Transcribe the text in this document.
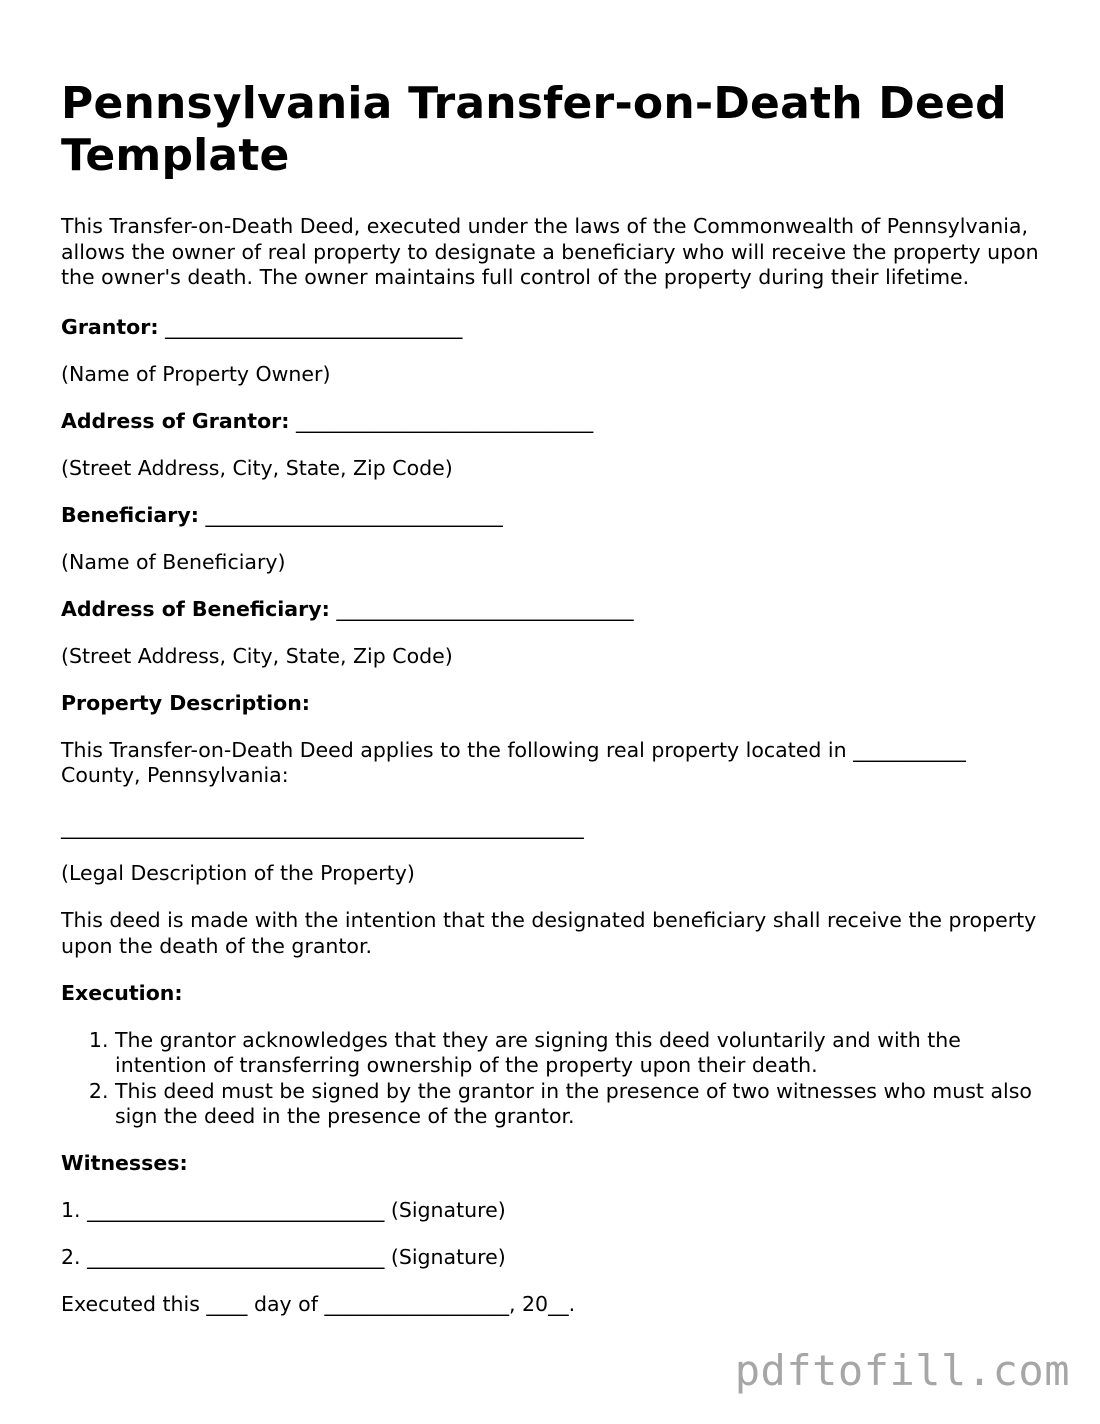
Pennsylvania Transfer-on-Death Deed Template

This Transfer-on-Death Deed, executed under the laws of the Commonwealth of Pennsylvania, allows the owner of real property to designate a beneficiary who will receive the property upon the owner's death. The owner maintains full control of the property during their lifetime.

Grantor: _____________________________

(Name of Property Owner)

Address of Grantor: _____________________________

(Street Address, City, State, Zip Code)

Beneficiary: _____________________________

(Name of Beneficiary)

Address of Beneficiary: _____________________________

(Street Address, City, State, Zip Code)

Property Description:

This Transfer-on-Death Deed applies to the following real property located in ___________ County, Pennsylvania:

___________________________________________________

(Legal Description of the Property)

This deed is made with the intention that the designated beneficiary shall receive the property upon the death of the grantor.

Execution:
1. The grantor acknowledges that they are signing this deed voluntarily and with the intention of transferring ownership of the property upon their death.
2. This deed must be signed by the grantor in the presence of two witnesses who must also sign the deed in the presence of the grantor.
Witnesses:

1. _____________________________ (Signature)

2. _____________________________ (Signature)

Executed this ____ day of __________________, 20__.

pdftofill.com
